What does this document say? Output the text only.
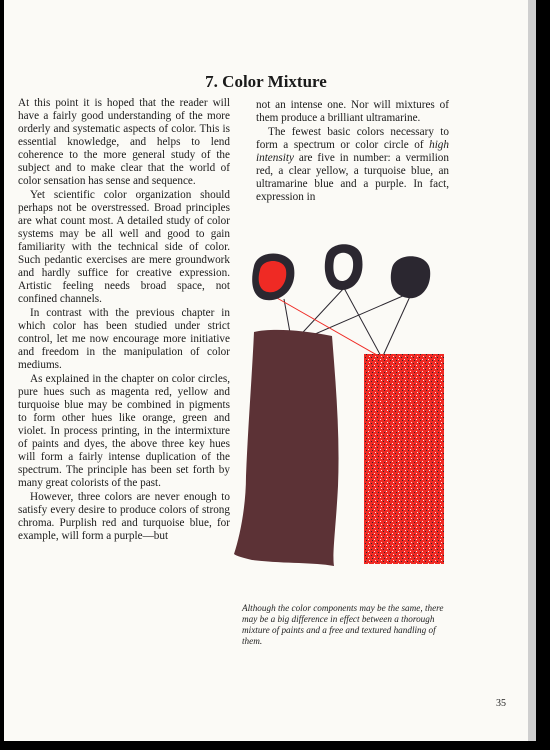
7. Color Mixture

At this point it is hoped that the reader will have a fairly good understanding of the more orderly and systematic aspects of color. This is essential knowledge, and helps to lend coherence to the more general study of the subject and to make clear that the world of color sensation has sense and sequence.

Yet scientific color organization should perhaps not be overstressed. Broad principles are what count most. A detailed study of color systems may be all well and good to gain familiarity with the technical side of color. Such pedantic exercises are mere groundwork and hardly suffice for creative expression. Artistic feeling needs broad space, not confined channels.

In contrast with the previous chapter in which color has been studied under strict control, let me now encourage more initiative and freedom in the manipulation of color mediums.

As explained in the chapter on color circles, pure hues such as magenta red, yellow and turquoise blue may be combined in pigments to form other hues like orange, green and violet. In process printing, in the intermixture of paints and dyes, the above three key hues will form a fairly intense duplication of the spectrum. The principle has been set forth by many great colorists of the past.

However, three colors are never enough to satisfy every desire to produce colors of strong chroma. Purplish red and turquoise blue, for example, will form a purple—but

not an intense one. Nor will mixtures of them produce a brilliant ultramarine.

The fewest basic colors necessary to form a spectrum or color circle of high intensity are five in number: a vermilion red, a clear yellow, a turquoise blue, an ultramarine blue and a purple. In fact, expression in

Although the color components may be the same, there may be a big difference in effect between a thorough mixture of paints and a free and textured handling of them.

35
